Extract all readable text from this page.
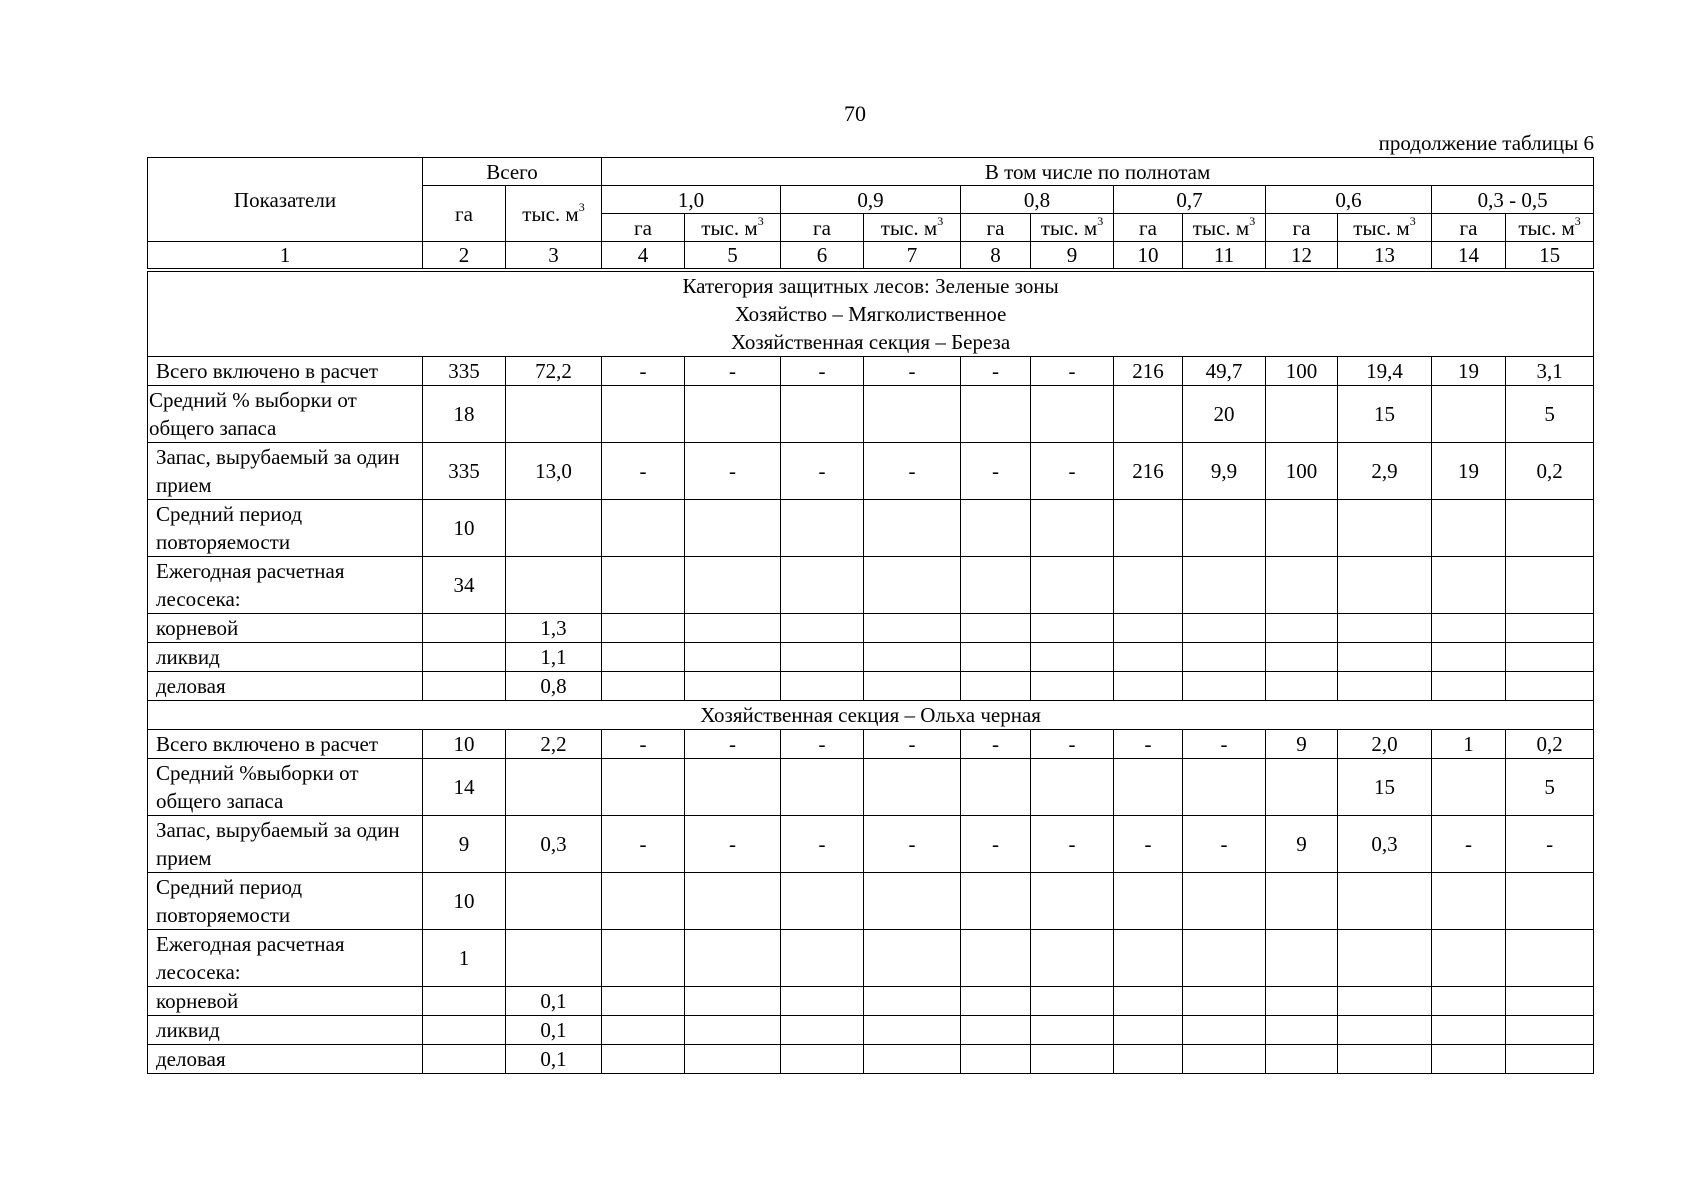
70
продолжение таблицы 6
Показатели	Всего		В том числе по полнотам											
	га	тыс. $м^3$	1,0		0,9		0,8		0,7		0,6		0,3 - 0,5	
			га	тыс. $м^3$	га	тыс. $м^3$	га	тыс. $м^3$	га	тыс. $м^3$	га	тыс. $м^3$	га	тыс. $м^3$
1	2	3	4	5	6	7	8	9	10	11	12	13	14	15

Категория защитных лесов: Зеленые зоны
Хозяйство – Мягколиственное
Хозяйственная секция – Береза														

Всего включено в расчет	335	72,2	-	-	-	-	-	-	216	49,7	100	19,4	19	3,1
Средний % выборки от общего запаса	18									20		15		5
Запас, вырубаемый за один прием	335	13,0	-	-	-	-	-	-	216	9,9	100	2,9	19	0,2
Средний период повторяемости	10													
Ежегодная расчетная лесосека:	34													
корневой		1,3												
ликвид		1,1												
деловая		0,8												
Хозяйственная секция – Ольха черная														
Всего включено в расчет	10	2,2	-	-	-	-	-	-	-	-	9	2,0	1	0,2
Средний %выборки от общего запаса	14											15		5
Запас, вырубаемый за один прием	9	0,3	-	-	-	-	-	-	-	-	9	0,3	-	-
Средний период повторяемости	10													
Ежегодная расчетная лесосека:	1													
корневой		0,1												
ликвид		0,1												
деловая		0,1												
